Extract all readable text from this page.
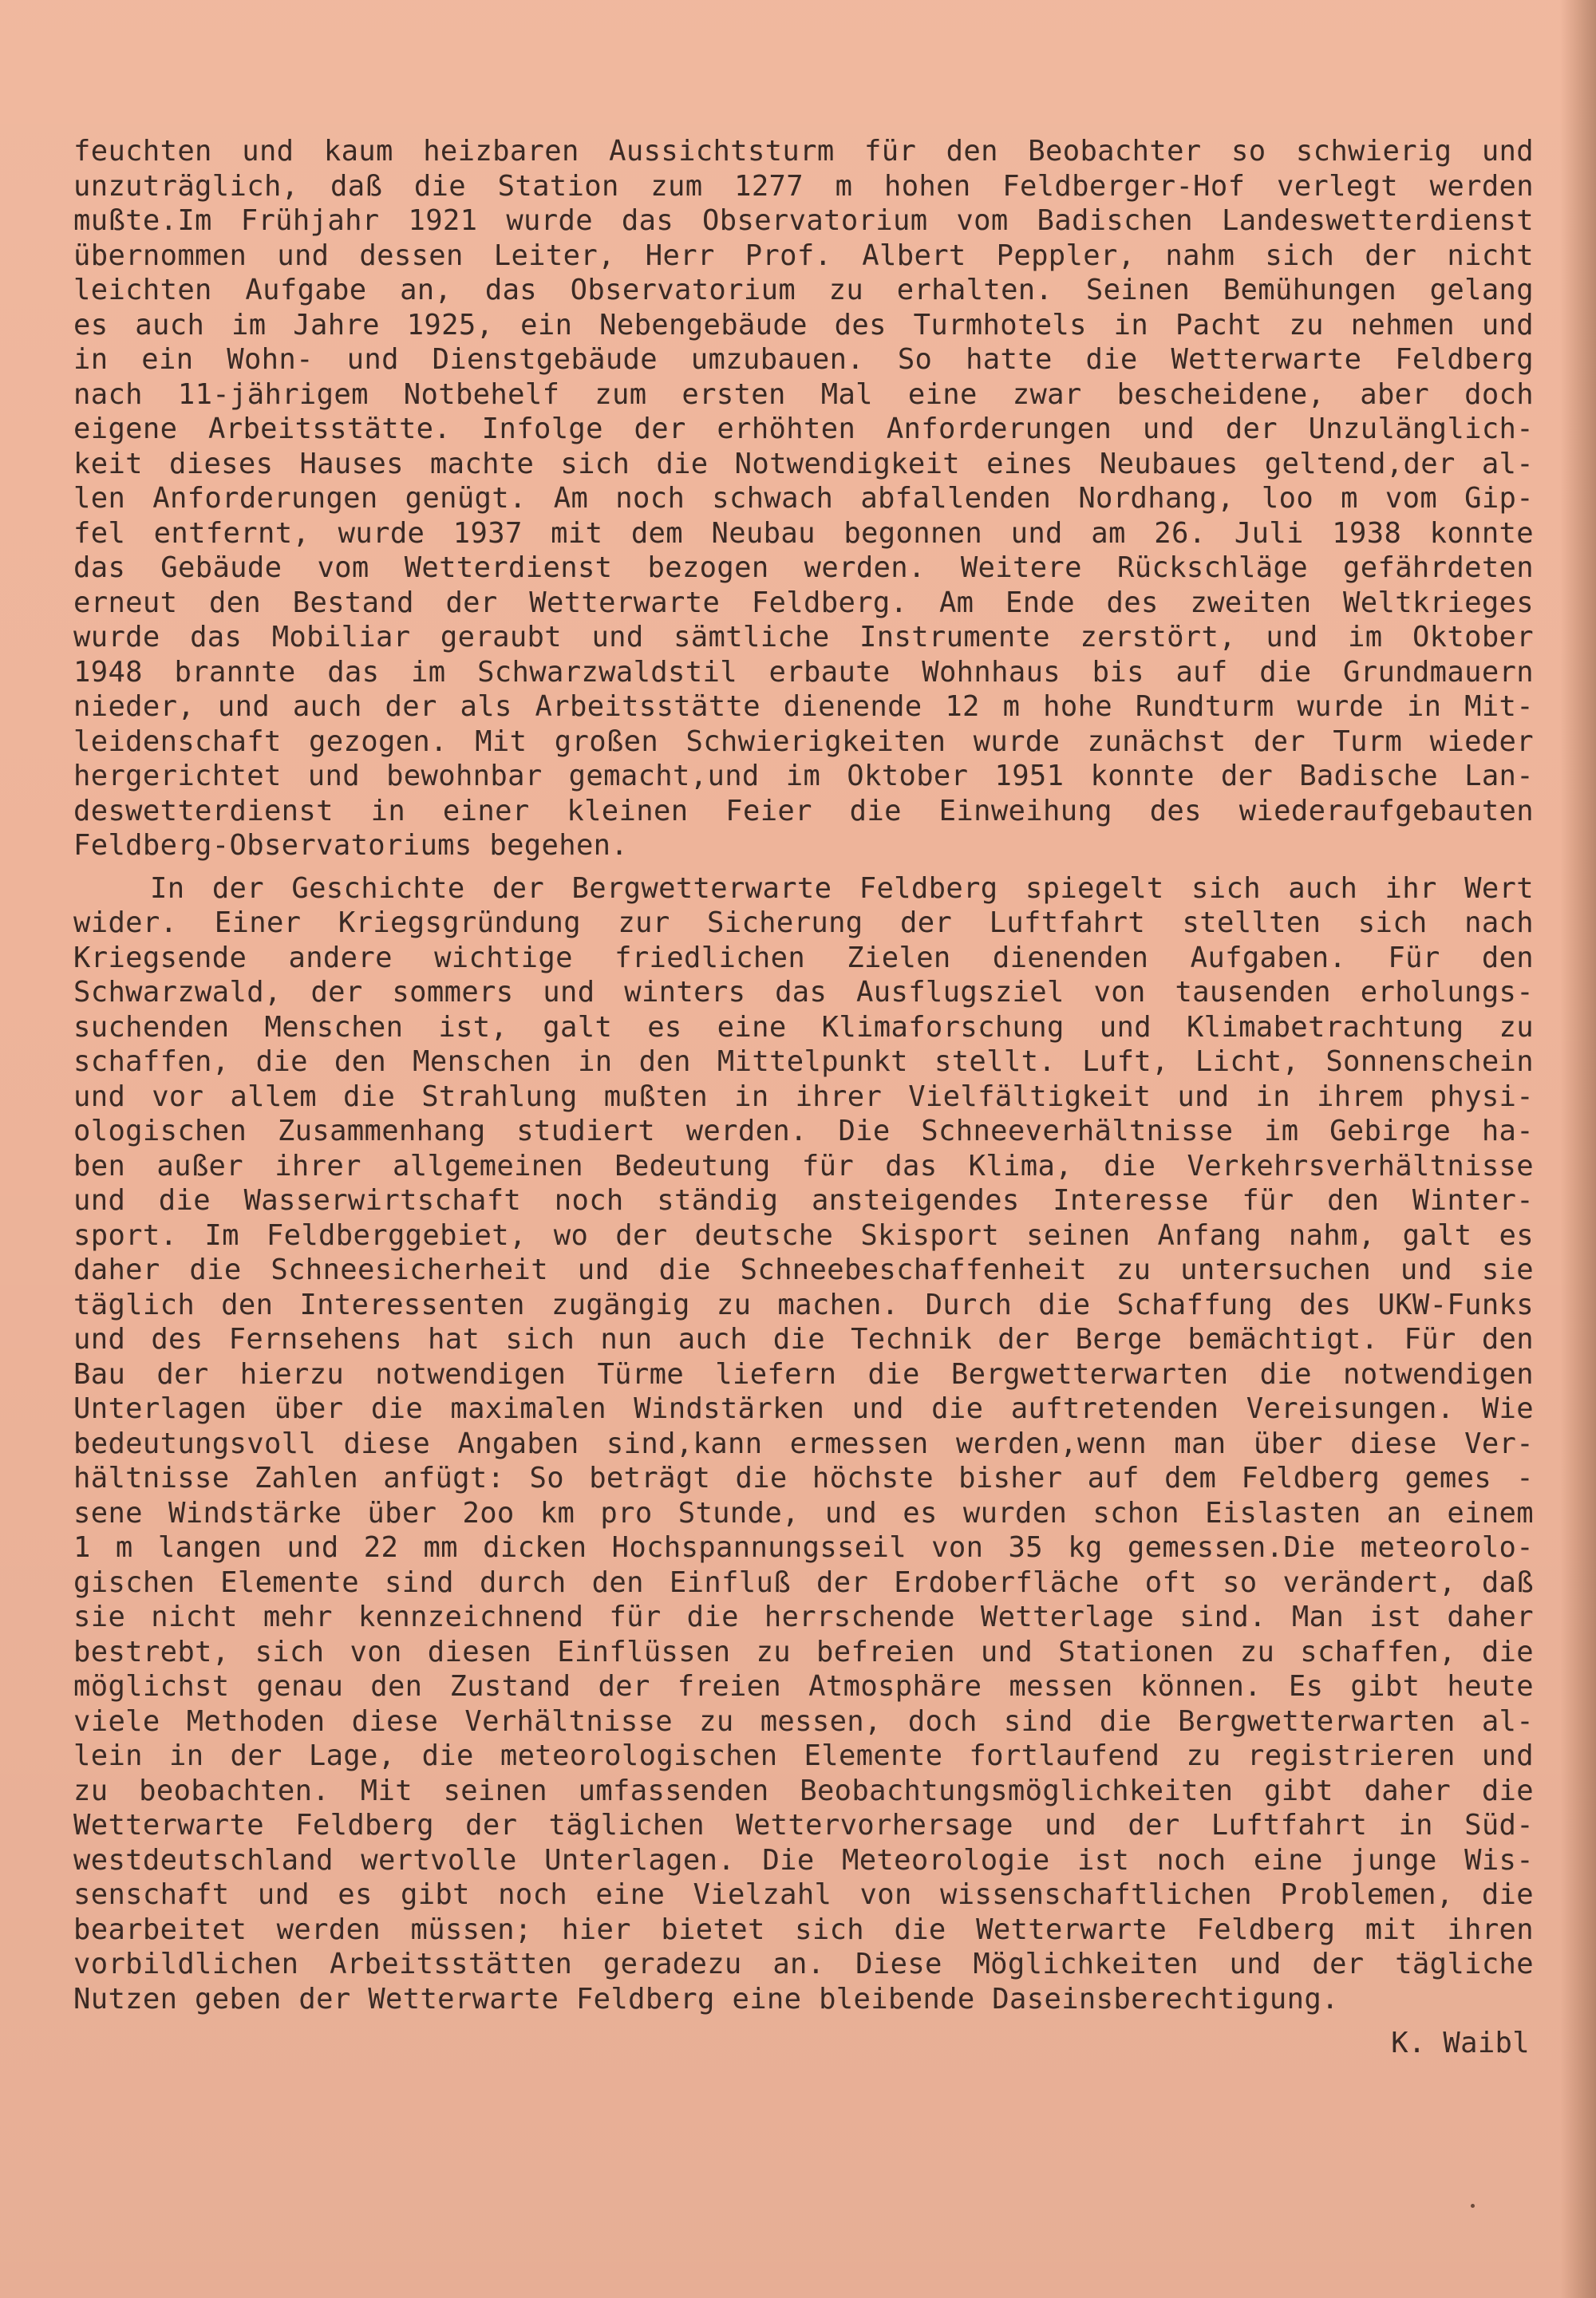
feuchten und kaum heizbaren Aussichtsturm für den Beobachter so schwierig und
unzuträglich, daß die Station zum 1277 m hohen Feldberger-Hof verlegt werden
mußte.Im Frühjahr 1921 wurde das Observatorium vom Badischen Landeswetterdienst
übernommen und dessen Leiter, Herr Prof. Albert Peppler, nahm sich der nicht
leichten Aufgabe an, das Observatorium zu erhalten. Seinen Bemühungen gelang
es auch im Jahre 1925, ein Nebengebäude des Turmhotels in Pacht zu nehmen und
in ein Wohn- und Dienstgebäude umzubauen. So hatte die Wetterwarte Feldberg
nach 11-jährigem Notbehelf zum ersten Mal eine zwar bescheidene, aber doch
eigene Arbeitsstätte. Infolge der erhöhten Anforderungen und der Unzulänglich-
keit dieses Hauses machte sich die Notwendigkeit eines Neubaues geltend,der al-
len Anforderungen genügt. Am noch schwach abfallenden Nordhang, loo m vom Gip-
fel entfernt, wurde 1937 mit dem Neubau begonnen und am 26. Juli 1938 konnte
das Gebäude vom Wetterdienst bezogen werden. Weitere Rückschläge gefährdeten
erneut den Bestand der Wetterwarte Feldberg. Am Ende des zweiten Weltkrieges
wurde das Mobiliar geraubt und sämtliche Instrumente zerstört, und im Oktober
1948 brannte das im Schwarzwaldstil erbaute Wohnhaus bis auf die Grundmauern
nieder, und auch der als Arbeitsstätte dienende 12 m hohe Rundturm wurde in Mit-
leidenschaft gezogen. Mit großen Schwierigkeiten wurde zunächst der Turm wieder
hergerichtet und bewohnbar gemacht,und im Oktober 1951 konnte der Badische Lan-
deswetterdienst in einer kleinen Feier die Einweihung des wiederaufgebauten
Feldberg-Observatoriums begehen.
In der Geschichte der Bergwetterwarte Feldberg spiegelt sich auch ihr Wert
wider. Einer Kriegsgründung zur Sicherung der Luftfahrt stellten sich nach
Kriegsende andere wichtige friedlichen Zielen dienenden Aufgaben. Für den
Schwarzwald, der sommers und winters das Ausflugsziel von tausenden erholungs-
suchenden Menschen ist, galt es eine Klimaforschung und Klimabetrachtung zu
schaffen, die den Menschen in den Mittelpunkt stellt. Luft, Licht, Sonnenschein
und vor allem die Strahlung mußten in ihrer Vielfältigkeit und in ihrem physi-
ologischen Zusammenhang studiert werden. Die Schneeverhältnisse im Gebirge ha-
ben außer ihrer allgemeinen Bedeutung für das Klima, die Verkehrsverhältnisse
und die Wasserwirtschaft noch ständig ansteigendes Interesse für den Winter-
sport. Im Feldberggebiet, wo der deutsche Skisport seinen Anfang nahm, galt es
daher die Schneesicherheit und die Schneebeschaffenheit zu untersuchen und sie
täglich den Interessenten zugängig zu machen. Durch die Schaffung des UKW-Funks
und des Fernsehens hat sich nun auch die Technik der Berge bemächtigt. Für den
Bau der hierzu notwendigen Türme liefern die Bergwetterwarten die notwendigen
Unterlagen über die maximalen Windstärken und die auftretenden Vereisungen. Wie
bedeutungsvoll diese Angaben sind,kann ermessen werden,wenn man über diese Ver-
hältnisse Zahlen anfügt: So beträgt die höchste bisher auf dem Feldberg gemes -
sene Windstärke über 2oo km pro Stunde, und es wurden schon Eislasten an einem
1 m langen und 22 mm dicken Hochspannungsseil von 35 kg gemessen.Die meteorolo-
gischen Elemente sind durch den Einfluß der Erdoberfläche oft so verändert, daß
sie nicht mehr kennzeichnend für die herrschende Wetterlage sind. Man ist daher
bestrebt, sich von diesen Einflüssen zu befreien und Stationen zu schaffen, die
möglichst genau den Zustand der freien Atmosphäre messen können. Es gibt heute
viele Methoden diese Verhältnisse zu messen, doch sind die Bergwetterwarten al-
lein in der Lage, die meteorologischen Elemente fortlaufend zu registrieren und
zu beobachten. Mit seinen umfassenden Beobachtungsmöglichkeiten gibt daher die
Wetterwarte Feldberg der täglichen Wettervorhersage und der Luftfahrt in Süd-
westdeutschland wertvolle Unterlagen. Die Meteorologie ist noch eine junge Wis-
senschaft und es gibt noch eine Vielzahl von wissenschaftlichen Problemen, die
bearbeitet werden müssen; hier bietet sich die Wetterwarte Feldberg mit ihren
vorbildlichen Arbeitsstätten geradezu an. Diese Möglichkeiten und der tägliche
Nutzen geben der Wetterwarte Feldberg eine bleibende Daseinsberechtigung.
K. Waibl
